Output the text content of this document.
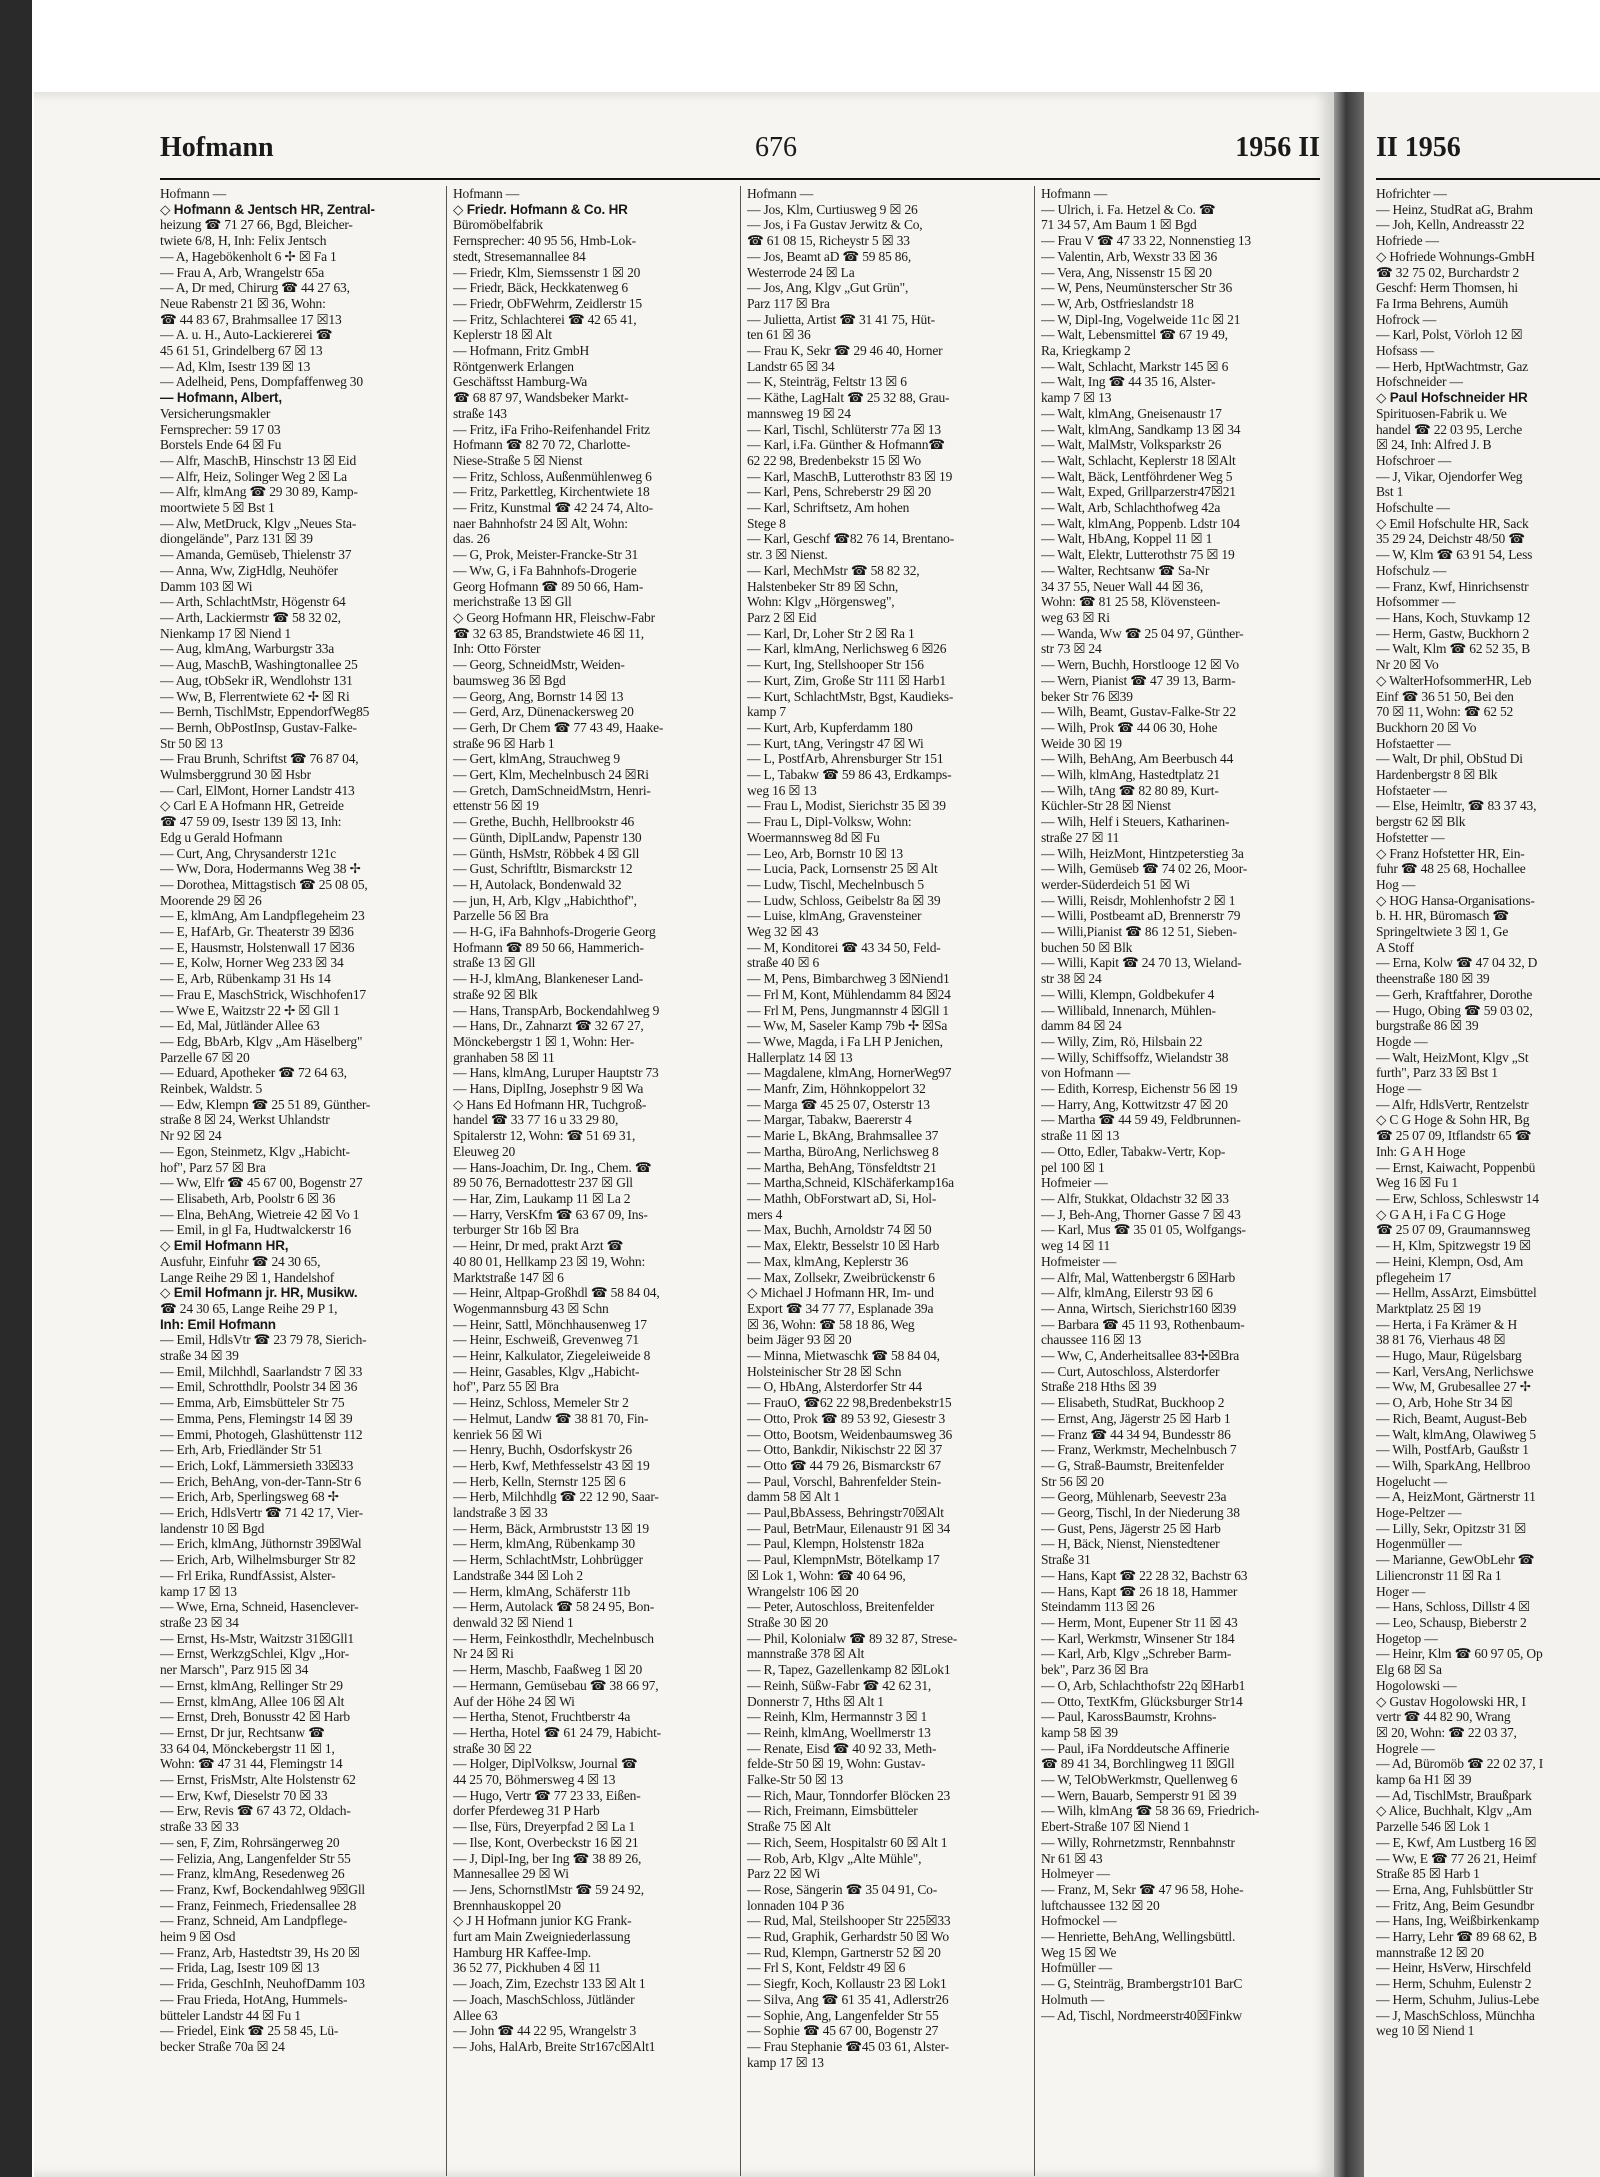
Hofmann	676	1956 II
Hofmann —
◇ Hofmann & Jentsch HR, Zentral-
heizung ☎ 71 27 66, Bgd, Bleicher-
twiete 6/8, H, Inh: Felix Jentsch
— A, Hagebökenholt 6 ✢ ☒ Fa 1
— Frau A, Arb, Wrangelstr 65a
— A, Dr med, Chirurg ☎ 44 27 63,
Neue Rabenstr 21 ☒ 36, Wohn:
☎ 44 83 67, Brahmsallee 17 ☒13
— A. u. H., Auto-Lackiererei ☎
45 61 51, Grindelberg 67 ☒ 13
— Ad, Klm, Isestr 139 ☒ 13
— Adelheid, Pens, Dompfaffenweg 30
— Hofmann, Albert,
Versicherungsmakler
Fernsprecher: 59 17 03
Borstels Ende 64 ☒ Fu
— Alfr, MaschB, Hinschstr 13 ☒ Eid
— Alfr, Heiz, Solinger Weg 2 ☒ La
— Alfr, klmAng ☎ 29 30 89, Kamp-
moortwiete 5 ☒ Bst 1
— Alw, MetDruck, Klgv „Neues Sta-
diongelände", Parz 131 ☒ 39
— Amanda, Gemüseb, Thielenstr 37
— Anna, Ww, ZigHdlg, Neuhöfer
Damm 103 ☒ Wi
— Arth, SchlachtMstr, Högenstr 64
— Arth, Lackiermstr ☎ 58 32 02,
Nienkamp 17 ☒ Niend 1
— Aug, klmAng, Warburgstr 33a
— Aug, MaschB, Washingtonallee 25
— Aug, tObSekr iR, Wendlohstr 131
— Ww, B, Flerrentwiete 62 ✢ ☒ Ri
— Bernh, TischlMstr, EppendorfWeg85
— Bernh, ObPostInsp, Gustav-Falke-
Str 50 ☒ 13
— Frau Brunh, Schriftst ☎ 76 87 04,
Wulmsberggrund 30 ☒ Hsbr
— Carl, ElMont, Horner Landstr 413
◇ Carl E A Hofmann HR, Getreide
☎ 47 59 09, Isestr 139 ☒ 13, Inh:
Edg u Gerald Hofmann
— Curt, Ang, Chrysanderstr 121c
— Ww, Dora, Hodermanns Weg 38 ✢
— Dorothea, Mittagstisch ☎ 25 08 05,
Moorende 29 ☒ 26
— E, klmAng, Am Landpflegeheim 23
— E, HafArb, Gr. Theaterstr 39 ☒36
— E, Hausmstr, Holstenwall 17 ☒36
— E, Kolw, Horner Weg 233 ☒ 34
— E, Arb, Rübenkamp 31 Hs 14
— Frau E, MaschStrick, Wischhofen17
— Wwe E, Waitzstr 22 ✢ ☒ Gll 1
— Ed, Mal, Jütländer Allee 63
— Edg, BbArb, Klgv „Am Häselberg"
Parzelle 67 ☒ 20
— Eduard, Apotheker ☎ 72 64 63,
Reinbek, Waldstr. 5
— Edw, Klempn ☎ 25 51 89, Günther-
straße 8 ☒ 24, Werkst Uhlandstr
Nr 92 ☒ 24
— Egon, Steinmetz, Klgv „Habicht-
hof", Parz 57 ☒ Bra
— Ww, Elfr ☎ 45 67 00, Bogenstr 27
— Elisabeth, Arb, Poolstr 6 ☒ 36
— Elna, BehAng, Wietreie 42 ☒ Vo 1
— Emil, in gl Fa, Hudtwalckerstr 16
◇ Emil Hofmann HR,
Ausfuhr, Einfuhr ☎ 24 30 65,
Lange Reihe 29 ☒ 1, Handelshof
◇ Emil Hofmann jr. HR, Musikw.
☎ 24 30 65, Lange Reihe 29 P 1,
Inh: Emil Hofmann
— Emil, HdlsVtr ☎ 23 79 78, Sierich-
straße 34 ☒ 39
— Emil, Milchhdl, Saarlandstr 7 ☒ 33
— Emil, Schrotthdlr, Poolstr 34 ☒ 36
— Emma, Arb, Eimsbütteler Str 75
— Emma, Pens, Flemingstr 14 ☒ 39
— Emmi, Photogeh, Glashüttenstr 112
— Erh, Arb, Friedländer Str 51
— Erich, Lokf, Lämmersieth 33☒33
— Erich, BehAng, von-der-Tann-Str 6
— Erich, Arb, Sperlingsweg 68 ✢
— Erich, HdlsVertr ☎ 71 42 17, Vier-
landenstr 10 ☒ Bgd
— Erich, klmAng, Jüthornstr 39☒Wal
— Erich, Arb, Wilhelmsburger Str 82
— Frl Erika, RundfAssist, Alster-
kamp 17 ☒ 13
— Wwe, Erna, Schneid, Hasenclever-
straße 23 ☒ 34
— Ernst, Hs-Mstr, Waitzstr 31☒Gll1
— Ernst, WerkzgSchlei, Klgv „Hor-
ner Marsch", Parz 915 ☒ 34
— Ernst, klmAng, Rellinger Str 29
— Ernst, klmAng, Allee 106 ☒ Alt
— Ernst, Dreh, Bonusstr 42 ☒ Harb
— Ernst, Dr jur, Rechtsanw ☎
33 64 04, Mönckebergstr 11 ☒ 1,
Wohn: ☎ 47 31 44, Flemingstr 14
— Ernst, FrisMstr, Alte Holstenstr 62
— Erw, Kwf, Dieselstr 70 ☒ 33
— Erw, Revis ☎ 67 43 72, Oldach-
straße 33 ☒ 33
— sen, F, Zim, Rohrsängerweg 20
— Felizia, Ang, Langenfelder Str 55
— Franz, klmAng, Resedenweg 26
— Franz, Kwf, Bockendahlweg 9☒Gll
— Franz, Feinmech, Friedensallee 28
— Franz, Schneid, Am Landpflege-
heim 9 ☒ Osd
— Franz, Arb, Hastedtstr 39, Hs 20 ☒
— Frida, Lag, Isestr 109 ☒ 13
— Frida, GeschInh, NeuhofDamm 103
— Frau Frieda, HotAng, Hummels-
bütteler Landstr 44 ☒ Fu 1
— Friedel, Eink ☎ 25 58 45, Lü-
becker Straße 70a ☒ 24
Hofmann —
◇ Friedr. Hofmann & Co. HR
Büromöbelfabrik
Fernsprecher: 40 95 56, Hmb-Lok-
stedt, Stresemannallee 84
— Friedr, Klm, Siemssenstr 1 ☒ 20
— Friedr, Bäck, Heckkatenweg 6
— Friedr, ObFWehrm, Zeidlerstr 15
— Fritz, Schlachterei ☎ 42 65 41,
Keplerstr 18 ☒ Alt
— Hofmann, Fritz GmbH
Röntgenwerk Erlangen
Geschäftsst Hamburg-Wa
☎ 68 87 97, Wandsbeker Markt-
straße 143
— Fritz, iFa Friho-Reifenhandel Fritz
Hofmann ☎ 82 70 72, Charlotte-
Niese-Straße 5 ☒ Nienst
— Fritz, Schloss, Außenmühlenweg 6
— Fritz, Parkettleg, Kirchentwiete 18
— Fritz, Kunstmal ☎ 42 24 74, Alto-
naer Bahnhofstr 24 ☒ Alt, Wohn:
das. 26
— G, Prok, Meister-Francke-Str 31
— Ww, G, i Fa Bahnhofs-Drogerie
Georg Hofmann ☎ 89 50 66, Ham-
merichstraße 13 ☒ Gll
◇ Georg Hofmann HR, Fleischw-Fabr
☎ 32 63 85, Brandstwiete 46 ☒ 11,
Inh: Otto Förster
— Georg, SchneidMstr, Weiden-
baumsweg 36 ☒ Bgd
— Georg, Ang, Bornstr 14 ☒ 13
— Gerd, Arz, Dünenackersweg 20
— Gerh, Dr Chem ☎ 77 43 49, Haake-
straße 96 ☒ Harb 1
— Gert, klmAng, Strauchweg 9
— Gert, Klm, Mechelnbusch 24 ☒Ri
— Gretch, DamSchneidMstrn, Henri-
ettenstr 56 ☒ 19
— Grethe, Buchh, Hellbrookstr 46
— Günth, DiplLandw, Papenstr 130
— Günth, HsMstr, Röbbek 4 ☒ Gll
— Gust, Schriftltr, Bismarckstr 12
— H, Autolack, Bondenwald 32
— jun, H, Arb, Klgv „Habichthof",
Parzelle 56 ☒ Bra
— H-G, iFa Bahnhofs-Drogerie Georg
Hofmann ☎ 89 50 66, Hammerich-
straße 13 ☒ Gll
— H-J, klmAng, Blankeneser Land-
straße 92 ☒ Blk
— Hans, TranspArb, Bockendahlweg 9
— Hans, Dr., Zahnarzt ☎ 32 67 27,
Mönckebergstr 1 ☒ 1, Wohn: Her-
granhaben 58 ☒ 11
— Hans, klmAng, Luruper Hauptstr 73
— Hans, DiplIng, Josephstr 9 ☒ Wa
◇ Hans Ed Hofmann HR, Tuchgroß-
handel ☎ 33 77 16 u 33 29 80,
Spitalerstr 12, Wohn: ☎ 51 69 31,
Eleuweg 20
— Hans-Joachim, Dr. Ing., Chem. ☎
89 50 76, Bernadottestr 237 ☒ Gll
— Har, Zim, Laukamp 11 ☒ La 2
— Harry, VersKfm ☎ 63 67 09, Ins-
terburger Str 16b ☒ Bra
— Heinr, Dr med, prakt Arzt ☎
40 80 01, Hellkamp 23 ☒ 19, Wohn:
Marktstraße 147 ☒ 6
— Heinr, Altpap-Großhdl ☎ 58 84 04,
Wogenmannsburg 43 ☒ Schn
— Heinr, Sattl, Mönchhausenweg 17
— Heinr, Eschweiß, Grevenweg 71
— Heinr, Kalkulator, Ziegeleiweide 8
— Heinr, Gasables, Klgv „Habicht-
hof", Parz 55 ☒ Bra
— Heinz, Schloss, Memeler Str 2
— Helmut, Landw ☎ 38 81 70, Fin-
kenriek 56 ☒ Wi
— Henry, Buchh, Osdorfskystr 26
— Herb, Kwf, Methfesselstr 43 ☒ 19
— Herb, Kelln, Sternstr 125 ☒ 6
— Herb, Milchhdlg ☎ 22 12 90, Saar-
landstraße 3 ☒ 33
— Herm, Bäck, Armbruststr 13 ☒ 19
— Herm, klmAng, Rübenkamp 30
— Herm, SchlachtMstr, Lohbrügger
Landstraße 344 ☒ Loh 2
— Herm, klmAng, Schäferstr 11b
— Herm, Autolack ☎ 58 24 95, Bon-
denwald 32 ☒ Niend 1
— Herm, Feinkosthdlr, Mechelnbusch
Nr 24 ☒ Ri
— Herm, Maschb, Faaßweg 1 ☒ 20
— Hermann, Gemüsebau ☎ 38 66 97,
Auf der Höhe 24 ☒ Wi
— Hertha, Stenot, Fruchtberstr 4a
— Hertha, Hotel ☎ 61 24 79, Habicht-
straße 30 ☒ 22
— Holger, DiplVolksw, Journal ☎
44 25 70, Böhmersweg 4 ☒ 13
— Hugo, Vertr ☎ 77 23 33, Eißen-
dorfer Pferdeweg 31 P Harb
— Ilse, Fürs, Dreyerpfad 2 ☒ La 1
— Ilse, Kont, Overbeckstr 16 ☒ 21
— J, Dipl-Ing, ber Ing ☎ 38 89 26,
Mannesallee 29 ☒ Wi
— Jens, SchornstlMstr ☎ 59 24 92,
Brennhauskoppel 20
◇ J H Hofmann junior KG Frank-
furt am Main Zweigniederlassung
Hamburg HR Kaffee-Imp.
36 52 77, Pickhuben 4 ☒ 11
— Joach, Zim, Ezechstr 133 ☒ Alt 1
— Joach, MaschSchloss, Jütländer
Allee 63
— John ☎ 44 22 95, Wrangelstr 3
— Johs, HalArb, Breite Str167c☒Alt1
Hofmann —
— Jos, Klm, Curtiusweg 9 ☒ 26
— Jos, i Fa Gustav Jerwitz & Co,
☎ 61 08 15, Richeystr 5 ☒ 33
— Jos, Beamt aD ☎ 59 85 86,
Westerrode 24 ☒ La
— Jos, Ang, Klgv „Gut Grün",
Parz 117 ☒ Bra
— Julietta, Artist ☎ 31 41 75, Hüt-
ten 61 ☒ 36
— Frau K, Sekr ☎ 29 46 40, Horner
Landstr 65 ☒ 34
— K, Steinträg, Feltstr 13 ☒ 6
— Käthe, LagHalt ☎ 25 32 88, Grau-
mannsweg 19 ☒ 24
— Karl, Tischl, Schlüterstr 77a ☒ 13
— Karl, i.Fa. Günther & Hofmann☎
62 22 98, Bredenbekstr 15 ☒ Wo
— Karl, MaschB, Lutterothstr 83 ☒ 19
— Karl, Pens, Schreberstr 29 ☒ 20
— Karl, Schriftsetz, Am hohen
Stege 8
— Karl, Geschf ☎82 76 14, Brentano-
str. 3 ☒ Nienst.
— Karl, MechMstr ☎ 58 82 32,
Halstenbeker Str 89 ☒ Schn,
Wohn: Klgv „Hörgensweg",
Parz 2 ☒ Eid
— Karl, Dr, Loher Str 2 ☒ Ra 1
— Karl, klmAng, Nerlichsweg 6 ☒26
— Kurt, Ing, Stellshooper Str 156
— Kurt, Zim, Große Str 111 ☒ Harb1
— Kurt, SchlachtMstr, Bgst, Kaudieks-
kamp 7
— Kurt, Arb, Kupferdamm 180
— Kurt, tAng, Veringstr 47 ☒ Wi
— L, PostfArb, Ahrensburger Str 151
— L, Tabakw ☎ 59 86 43, Erdkamps-
weg 16 ☒ 13
— Frau L, Modist, Sierichstr 35 ☒ 39
— Frau L, Dipl-Volksw, Wohn:
Woermannsweg 8d ☒ Fu
— Leo, Arb, Bornstr 10 ☒ 13
— Lucia, Pack, Lornsenstr 25 ☒ Alt
— Ludw, Tischl, Mechelnbusch 5
— Ludw, Schloss, Geibelstr 8a ☒ 39
— Luise, klmAng, Gravensteiner
Weg 32 ☒ 43
— M, Konditorei ☎ 43 34 50, Feld-
straße 40 ☒ 6
— M, Pens, Bimbarchweg 3 ☒Niend1
— Frl M, Kont, Mühlendamm 84 ☒24
— Frl M, Pens, Jungmannstr 4 ☒Gll 1
— Ww, M, Saseler Kamp 79b ✢ ☒Sa
— Wwe, Magda, i Fa LH P Jenichen,
Hallerplatz 14 ☒ 13
— Magdalene, klmAng, HornerWeg97
— Manfr, Zim, Höhnkoppelort 32
— Marga ☎ 45 25 07, Osterstr 13
— Margar, Tabakw, Baererstr 4
— Marie L, BkAng, Brahmsallee 37
— Martha, BüroAng, Nerlichsweg 8
— Martha, BehAng, Tönsfeldtstr 21
— Martha,Schneid, KlSchäferkamp16a
— Mathh, ObForstwart aD, Si, Hol-
mers 4
— Max, Buchh, Arnoldstr 74 ☒ 50
— Max, Elektr, Besselstr 10 ☒ Harb
— Max, klmAng, Keplerstr 36
— Max, Zollsekr, Zweibrückenstr 6
◇ Michael J Hofmann HR, Im- und
Export ☎ 34 77 77, Esplanade 39a
☒ 36, Wohn: ☎ 58 18 86, Weg
beim Jäger 93 ☒ 20
— Minna, Mietwaschk ☎ 58 84 04,
Holsteinischer Str 28 ☒ Schn
— O, HbAng, Alsterdorfer Str 44
— FrauO, ☎62 22 98,Bredenbekstr15
— Otto, Prok ☎ 89 53 92, Giesestr 3
— Otto, Bootsm, Weidenbaumsweg 36
— Otto, Bankdir, Nikischstr 22 ☒ 37
— Otto ☎ 44 79 26, Bismarckstr 67
— Paul, Vorschl, Bahrenfelder Stein-
damm 58 ☒ Alt 1
— Paul,BbAssess, Behringstr70☒Alt
— Paul, BetrMaur, Eilenaustr 91 ☒ 34
— Paul, Klempn, Holstenstr 182a
— Paul, KlempnMstr, Bötelkamp 17
☒ Lok 1, Wohn: ☎ 40 64 96,
Wrangelstr 106 ☒ 20
— Peter, Autoschloss, Breitenfelder
Straße 30 ☒ 20
— Phil, Kolonialw ☎ 89 32 87, Strese-
mannstraße 378 ☒ Alt
— R, Tapez, Gazellenkamp 82 ☒Lok1
— Reinh, Süßw-Fabr ☎ 42 62 31,
Donnerstr 7, Hths ☒ Alt 1
— Reinh, Klm, Hermannstr 3 ☒ 1
— Reinh, klmAng, Woellmerstr 13
— Renate, Eisd ☎ 40 92 33, Meth-
felde-Str 50 ☒ 19, Wohn: Gustav-
Falke-Str 50 ☒ 13
— Rich, Maur, Tonndorfer Blöcken 23
— Rich, Freimann, Eimsbütteler
Straße 75 ☒ Alt
— Rich, Seem, Hospitalstr 60 ☒ Alt 1
— Rob, Arb, Klgv „Alte Mühle",
Parz 22 ☒ Wi
— Rose, Sängerin ☎ 35 04 91, Co-
lonnaden 104 P 36
— Rud, Mal, Steilshooper Str 225☒33
— Rud, Graphik, Gerhardstr 50 ☒ Wo
— Rud, Klempn, Gartnerstr 52 ☒ 20
— Frl S, Kont, Feldstr 49 ☒ 6
— Siegfr, Koch, Kollaustr 23 ☒ Lok1
— Silva, Ang ☎ 61 35 41, Adlerstr26
— Sophie, Ang, Langenfelder Str 55
— Sophie ☎ 45 67 00, Bogenstr 27
— Frau Stephanie ☎45 03 61, Alster-
kamp 17 ☒ 13
Hofmann —
— Ulrich, i. Fa. Hetzel & Co. ☎
71 34 57, Am Baum 1 ☒ Bgd
— Frau V ☎ 47 33 22, Nonnenstieg 13
— Valentin, Arb, Wexstr 33 ☒ 36
— Vera, Ang, Nissenstr 15 ☒ 20
— W, Pens, Neumünsterscher Str 36
— W, Arb, Ostfrieslandstr 18
— W, Dipl-Ing, Vogelweide 11c ☒ 21
— Walt, Lebensmittel ☎ 67 19 49,
Ra, Kriegkamp 2
— Walt, Schlacht, Markstr 145 ☒ 6
— Walt, Ing ☎ 44 35 16, Alster-
kamp 7 ☒ 13
— Walt, klmAng, Gneisenaustr 17
— Walt, klmAng, Sandkamp 13 ☒ 34
— Walt, MalMstr, Volksparkstr 26
— Walt, Schlacht, Keplerstr 18 ☒Alt
— Walt, Bäck, Lentföhrdener Weg 5
— Walt, Exped, Grillparzerstr47☒21
— Walt, Arb, Schlachthofweg 42a
— Walt, klmAng, Poppenb. Ldstr 104
— Walt, HbAng, Koppel 11 ☒ 1
— Walt, Elektr, Lutterothstr 75 ☒ 19
— Walter, Rechtsanw ☎ Sa-Nr
34 37 55, Neuer Wall 44 ☒ 36,
Wohn: ☎ 81 25 58, Klövensteen-
weg 63 ☒ Ri
— Wanda, Ww ☎ 25 04 97, Günther-
str 73 ☒ 24
— Wern, Buchh, Horstlooge 12 ☒ Vo
— Wern, Pianist ☎ 47 39 13, Barm-
beker Str 76 ☒39
— Wilh, Beamt, Gustav-Falke-Str 22
— Wilh, Prok ☎ 44 06 30, Hohe
Weide 30 ☒ 19
— Wilh, BehAng, Am Beerbusch 44
— Wilh, klmAng, Hastedtplatz 21
— Wilh, tAng ☎ 82 80 89, Kurt-
Küchler-Str 28 ☒ Nienst
— Wilh, Helf i Steuers, Katharinen-
straße 27 ☒ 11
— Wilh, HeizMont, Hintzpeterstieg 3a
— Wilh, Gemüseb ☎ 74 02 26, Moor-
werder-Süderdeich 51 ☒ Wi
— Willi, Reisdr, Mohlenhofstr 2 ☒ 1
— Willi, Postbeamt aD, Brennerstr 79
— Willi,Pianist ☎ 86 12 51, Sieben-
buchen 50 ☒ Blk
— Willi, Kapit ☎ 24 70 13, Wieland-
str 38 ☒ 24
— Willi, Klempn, Goldbekufer 4
— Willibald, Innenarch, Mühlen-
damm 84 ☒ 24
— Willy, Zim, Rö, Hilsbain 22
— Willy, Schiffsoffz, Wielandstr 38
von Hofmann —
— Edith, Korresp, Eichenstr 56 ☒ 19
— Harry, Ang, Kottwitzstr 47 ☒ 20
— Martha ☎ 44 59 49, Feldbrunnen-
straße 11 ☒ 13
— Otto, Edler, Tabakw-Vertr, Kop-
pel 100 ☒ 1
Hofmeier —
— Alfr, Stukkat, Oldachstr 32 ☒ 33
— J, Beh-Ang, Thorner Gasse 7 ☒ 43
— Karl, Mus ☎ 35 01 05, Wolfgangs-
weg 14 ☒ 11
Hofmeister —
— Alfr, Mal, Wattenbergstr 6 ☒Harb
— Alfr, klmAng, Eilerstr 93 ☒ 6
— Anna, Wirtsch, Sierichstr160 ☒39
— Barbara ☎ 45 11 93, Rothenbaum-
chaussee 116 ☒ 13
— Ww, C, Anderheitsallee 83✢☒Bra
— Curt, Autoschloss, Alsterdorfer
Straße 218 Hths ☒ 39
— Elisabeth, StudRat, Buckhoop 2
— Ernst, Ang, Jägerstr 25 ☒ Harb 1
— Franz ☎ 44 34 94, Bundesstr 86
— Franz, Werkmstr, Mechelnbusch 7
— G, Straß-Baumstr, Breitenfelder
Str 56 ☒ 20
— Georg, Mühlenarb, Seevestr 23a
— Georg, Tischl, In der Niederung 38
— Gust, Pens, Jägerstr 25 ☒ Harb
— H, Bäck, Nienst, Nienstedtener
Straße 31
— Hans, Kapt ☎ 22 28 32, Bachstr 63
— Hans, Kapt ☎ 26 18 18, Hammer
Steindamm 113 ☒ 26
— Herm, Mont, Eupener Str 11 ☒ 43
— Karl, Werkmstr, Winsener Str 184
— Karl, Arb, Klgv „Schreber Barm-
bek", Parz 36 ☒ Bra
— O, Arb, Schlachthofstr 22q ☒Harb1
— Otto, TextKfm, Glücksburger Str14
— Paul, KarossBaumstr, Krohns-
kamp 58 ☒ 39
— Paul, iFa Norddeutsche Affinerie
☎ 89 41 34, Borchlingweg 11 ☒Gll
— W, TelObWerkmstr, Quellenweg 6
— Wern, Bauarb, Semperstr 91 ☒ 39
— Wilh, klmAng ☎ 58 36 69, Friedrich-
Ebert-Straße 107 ☒ Niend 1
— Willy, Rohrnetzmstr, Rennbahnstr
Nr 61 ☒ 43
Holmeyer —
— Franz, M, Sekr ☎ 47 96 58, Hohe-
luftchaussee 132 ☒ 20
Hofmockel —
— Henriette, BehAng, Wellingsbüttl.
Weg 15 ☒ We
Hofmüller —
— G, Steinträg, Brambergstr101 BarC
Holmuth —
— Ad, Tischl, Nordmeerstr40☒Finkw
II 1956
Hofrichter —
— Heinz, StudRat aG, Brahm
— Joh, Kelln, Andreasstr 22
Hofriede —
◇ Hofriede Wohnungs-GmbH
☎ 32 75 02, Burchardstr 2
Geschf: Herm Thomsen, hi
Fa Irma Behrens, Aumüh
Hofrock —
— Karl, Polst, Vörloh 12 ☒
Hofsass —
— Herb, HptWachtmstr, Gaz
Hofschneider —
◇ Paul Hofschneider HR
Spirituosen-Fabrik u. We
handel ☎ 22 03 95, Lerche
☒ 24, Inh: Alfred J. B
Hofschroer —
— J, Vikar, Ojendorfer Weg
Bst 1
Hofschulte —
◇ Emil Hofschulte HR, Sack
35 29 24, Deichstr 48/50 ☎
— W, Klm ☎ 63 91 54, Less
Hofschulz —
— Franz, Kwf, Hinrichsenstr
Hofsommer —
— Hans, Koch, Stuvkamp 12
— Herm, Gastw, Buckhorn 2
— Walt, Klm ☎ 62 52 35, B
Nr 20 ☒ Vo
◇ WalterHofsommerHR, Leb
Einf ☎ 36 51 50, Bei den
70 ☒ 11, Wohn: ☎ 62 52
Buckhorn 20 ☒ Vo
Hofstaetter —
— Walt, Dr phil, ObStud Di
Hardenbergstr 8 ☒ Blk
Hofstaeter —
— Else, Heimltr, ☎ 83 37 43,
bergstr 62 ☒ Blk
Hofstetter —
◇ Franz Hofstetter HR, Ein-
fuhr ☎ 48 25 68, Hochallee
Hog —
◇ HOG Hansa-Organisations-
b. H. HR, Büromasch ☎
Springeltwiete 3 ☒ 1, Ge
A Stoff
— Erna, Kolw ☎ 47 04 32, D
theenstraße 180 ☒ 39
— Gerh, Kraftfahrer, Dorothe
— Hugo, Obing ☎ 59 03 02,
burgstraße 86 ☒ 39
Hogde —
— Walt, HeizMont, Klgv „St
furth", Parz 33 ☒ Bst 1
Hoge —
— Alfr, HdlsVertr, Rentzelstr
◇ C G Hoge & Sohn HR, Bg
☎ 25 07 09, Itflandstr 65 ☎
Inh: G A H Hoge
— Ernst, Kaiwacht, Poppenbü
Weg 16 ☒ Fu 1
— Erw, Schloss, Schleswstr 14
◇ G A H, i Fa C G Hoge
☎ 25 07 09, Graumannsweg
— H, Klm, Spitzwegstr 19 ☒
— Heini, Klempn, Osd, Am
pflegeheim 17
— Hellm, AssArzt, Eimsbüttel
Marktplatz 25 ☒ 19
— Herta, i Fa Krämer & H
38 81 76, Vierhaus 48 ☒
— Hugo, Maur, Rügelsbarg
— Karl, VersAng, Nerlichswe
— Ww, M, Grubesallee 27 ✢
— O, Arb, Hohe Str 34 ☒
— Rich, Beamt, August-Beb
— Walt, klmAng, Olawiweg 5
— Wilh, PostfArb, Gaußstr 1
— Wilh, SparkAng, Hellbroo
Hogelucht —
— A, HeizMont, Gärtnerstr 11
Hoge-Peltzer —
— Lilly, Sekr, Opitzstr 31 ☒
Hogenmüller —
— Marianne, GewObLehr ☎
Liliencronstr 11 ☒ Ra 1
Hoger —
— Hans, Schloss, Dillstr 4 ☒
— Leo, Schausp, Bieberstr 2
Hogetop —
— Heinr, Klm ☎ 60 97 05, Op
Elg 68 ☒ Sa
Hogolowski —
◇ Gustav Hogolowski HR, I
vertr ☎ 44 82 90, Wrang
☒ 20, Wohn: ☎ 22 03 37,
Hogrele —
— Ad, Büromöb ☎ 22 02 37, I
kamp 6a H1 ☒ 39
— Ad, TischlMstr, Braußpark
◇ Alice, Buchhalt, Klgv „Am
Parzelle 546 ☒ Lok 1
— E, Kwf, Am Lustberg 16 ☒
— Ww, E ☎ 77 26 21, Heimf
Straße 85 ☒ Harb 1
— Erna, Ang, Fuhlsbüttler Str
— Fritz, Ang, Beim Gesundbr
— Hans, Ing, Weißbirkenkamp
— Harry, Lehr ☎ 89 68 62, B
mannstraße 12 ☒ 20
— Heinr, HsVerw, Hirschfeld
— Herm, Schuhm, Eulenstr 2
— Herm, Schuhm, Julius-Lebe
— J, MaschSchloss, Münchha
weg 10 ☒ Niend 1
